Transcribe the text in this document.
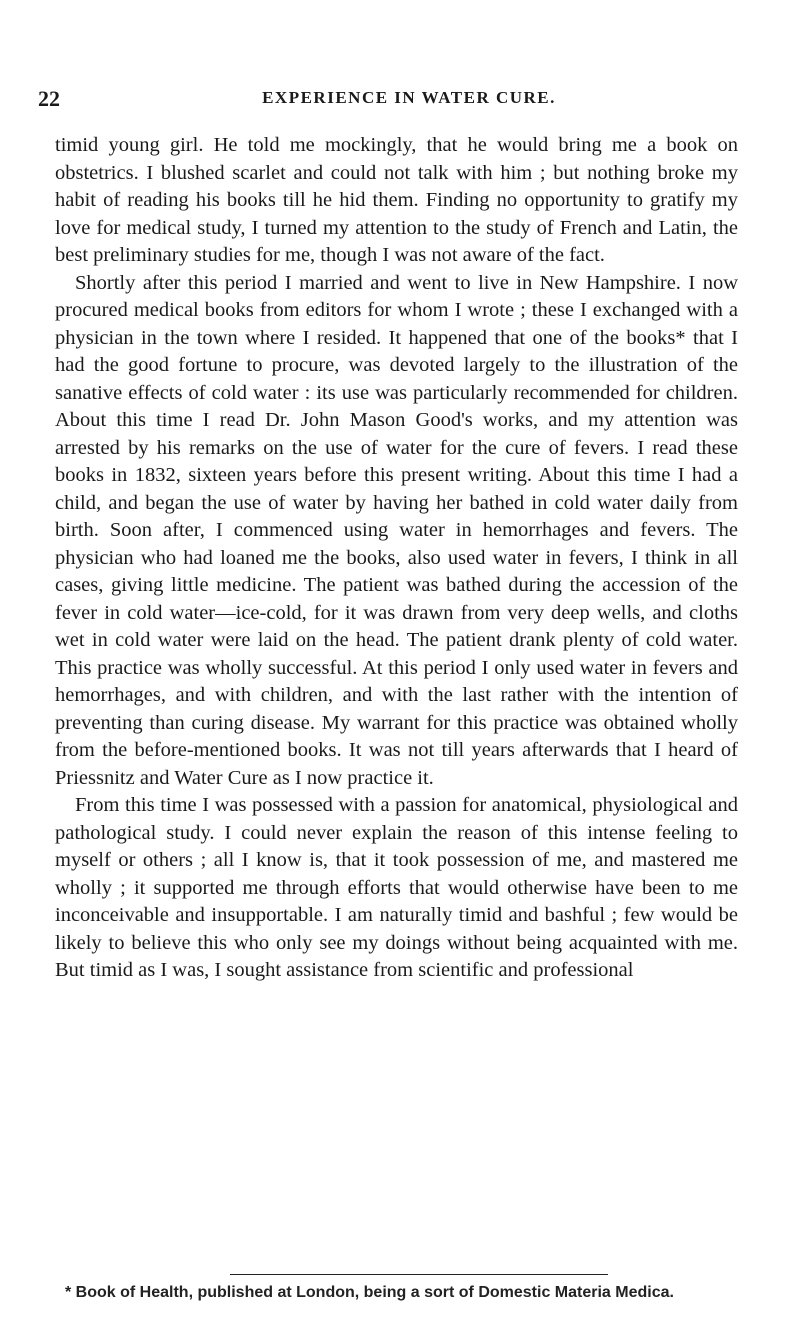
22	EXPERIENCE IN WATER CURE.

timid young girl. He told me mockingly, that he would bring me a book on obstetrics. I blushed scarlet and could not talk with him ; but nothing broke my habit of reading his books till he hid them. Finding no opportunity to gratify my love for medical study, I turned my attention to the study of French and Latin, the best preliminary studies for me, though I was not aware of the fact.

Shortly after this period I married and went to live in New Hampshire. I now procured medical books from editors for whom I wrote ; these I exchanged with a physician in the town where I resided. It happened that one of the books* that I had the good fortune to procure, was devoted largely to the illustration of the sanative effects of cold water : its use was particularly recommended for children. About this time I read Dr. John Mason Good's works, and my attention was arrested by his remarks on the use of water for the cure of fevers. I read these books in 1832, sixteen years before this present writing. About this time I had a child, and began the use of water by having her bathed in cold water daily from birth. Soon after, I commenced using water in hemorrhages and fevers. The physician who had loaned me the books, also used water in fevers, I think in all cases, giving little medicine. The patient was bathed during the accession of the fever in cold water—ice-cold, for it was drawn from very deep wells, and cloths wet in cold water were laid on the head. The patient drank plenty of cold water. This practice was wholly successful. At this period I only used water in fevers and hemorrhages, and with children, and with the last rather with the intention of preventing than curing disease. My warrant for this practice was obtained wholly from the before-mentioned books. It was not till years afterwards that I heard of Priessnitz and Water Cure as I now practice it.

From this time I was possessed with a passion for anatomical, physiological and pathological study. I could never explain the reason of this intense feeling to myself or others ; all I know is, that it took possession of me, and mastered me wholly ; it supported me through efforts that would otherwise have been to me inconceivable and insupportable. I am naturally timid and bashful ; few would be likely to believe this who only see my doings without being acquainted with me. But timid as I was, I sought assistance from scientific and professional

* Book of Health, published at London, being a sort of Domestic Materia Medica.
